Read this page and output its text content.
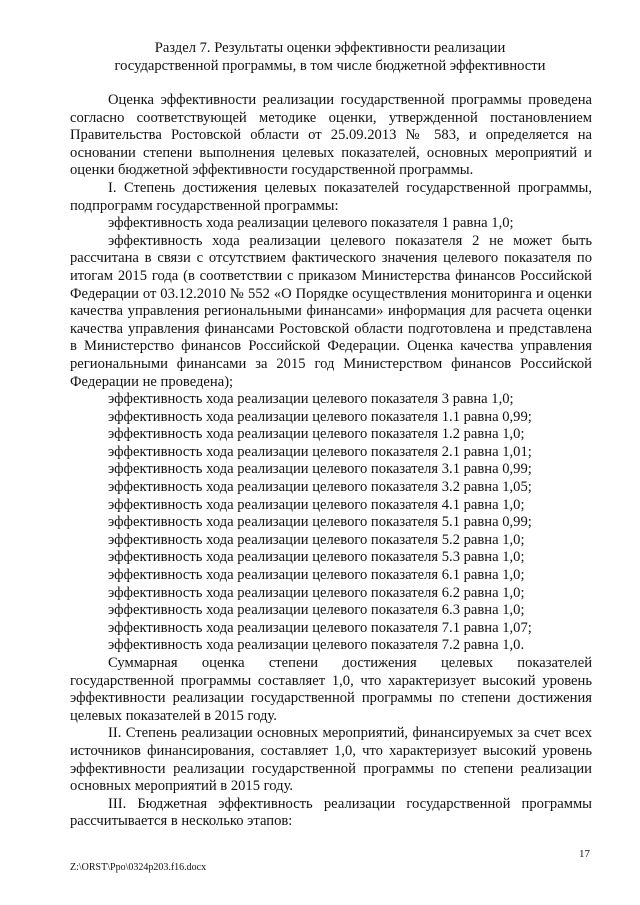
Раздел 7. Результаты оценки эффективности реализации
государственной программы, в том числе бюджетной эффективности

Оценка эффективности реализации государственной программы проведена согласно соответствующей методике оценки, утвержденной постановлением Правительства Ростовской области от 25.09.2013 № 583, и определяется на основании степени выполнения целевых показателей, основных мероприятий и оценки бюджетной эффективности государственной программы.

I. Степень достижения целевых показателей государственной программы, подпрограмм государственной программы:

эффективность хода реализации целевого показателя 1 равна 1,0;

эффективность хода реализации целевого показателя 2 не может быть рассчитана в связи с отсутствием фактического значения целевого показателя по итогам 2015 года (в соответствии с приказом Министерства финансов Российской Федерации от 03.12.2010 № 552 «О Порядке осуществления мониторинга и оценки качества управления региональными финансами» информация для расчета оценки качества управления финансами Ростовской области подготовлена и представлена в Министерство финансов Российской Федерации. Оценка качества управления региональными финансами за 2015 год Министерством финансов Российской Федерации не проведена);

эффективность хода реализации целевого показателя 3 равна 1,0;

эффективность хода реализации целевого показателя 1.1 равна 0,99;

эффективность хода реализации целевого показателя 1.2 равна 1,0;

эффективность хода реализации целевого показателя 2.1 равна 1,01;

эффективность хода реализации целевого показателя 3.1 равна 0,99;

эффективность хода реализации целевого показателя 3.2 равна 1,05;

эффективность хода реализации целевого показателя 4.1 равна 1,0;

эффективность хода реализации целевого показателя 5.1 равна 0,99;

эффективность хода реализации целевого показателя 5.2 равна 1,0;

эффективность хода реализации целевого показателя 5.3 равна 1,0;

эффективность хода реализации целевого показателя 6.1 равна 1,0;

эффективность хода реализации целевого показателя 6.2 равна 1,0;

эффективность хода реализации целевого показателя 6.3 равна 1,0;

эффективность хода реализации целевого показателя 7.1 равна 1,07;

эффективность хода реализации целевого показателя 7.2 равна 1,0.

Суммарная оценка степени достижения целевых показателей государственной программы составляет 1,0, что характеризует высокий уровень эффективности реализации государственной программы по степени достижения целевых показателей в 2015 году.

II. Степень реализации основных мероприятий, финансируемых за счет всех источников финансирования, составляет 1,0, что характеризует высокий уровень эффективности реализации государственной программы по степени реализации основных мероприятий в 2015 году.

III. Бюджетная эффективность реализации государственной программы рассчитывается в несколько этапов:

17
Z:\ORST\Ppo\0324p203.f16.docx
